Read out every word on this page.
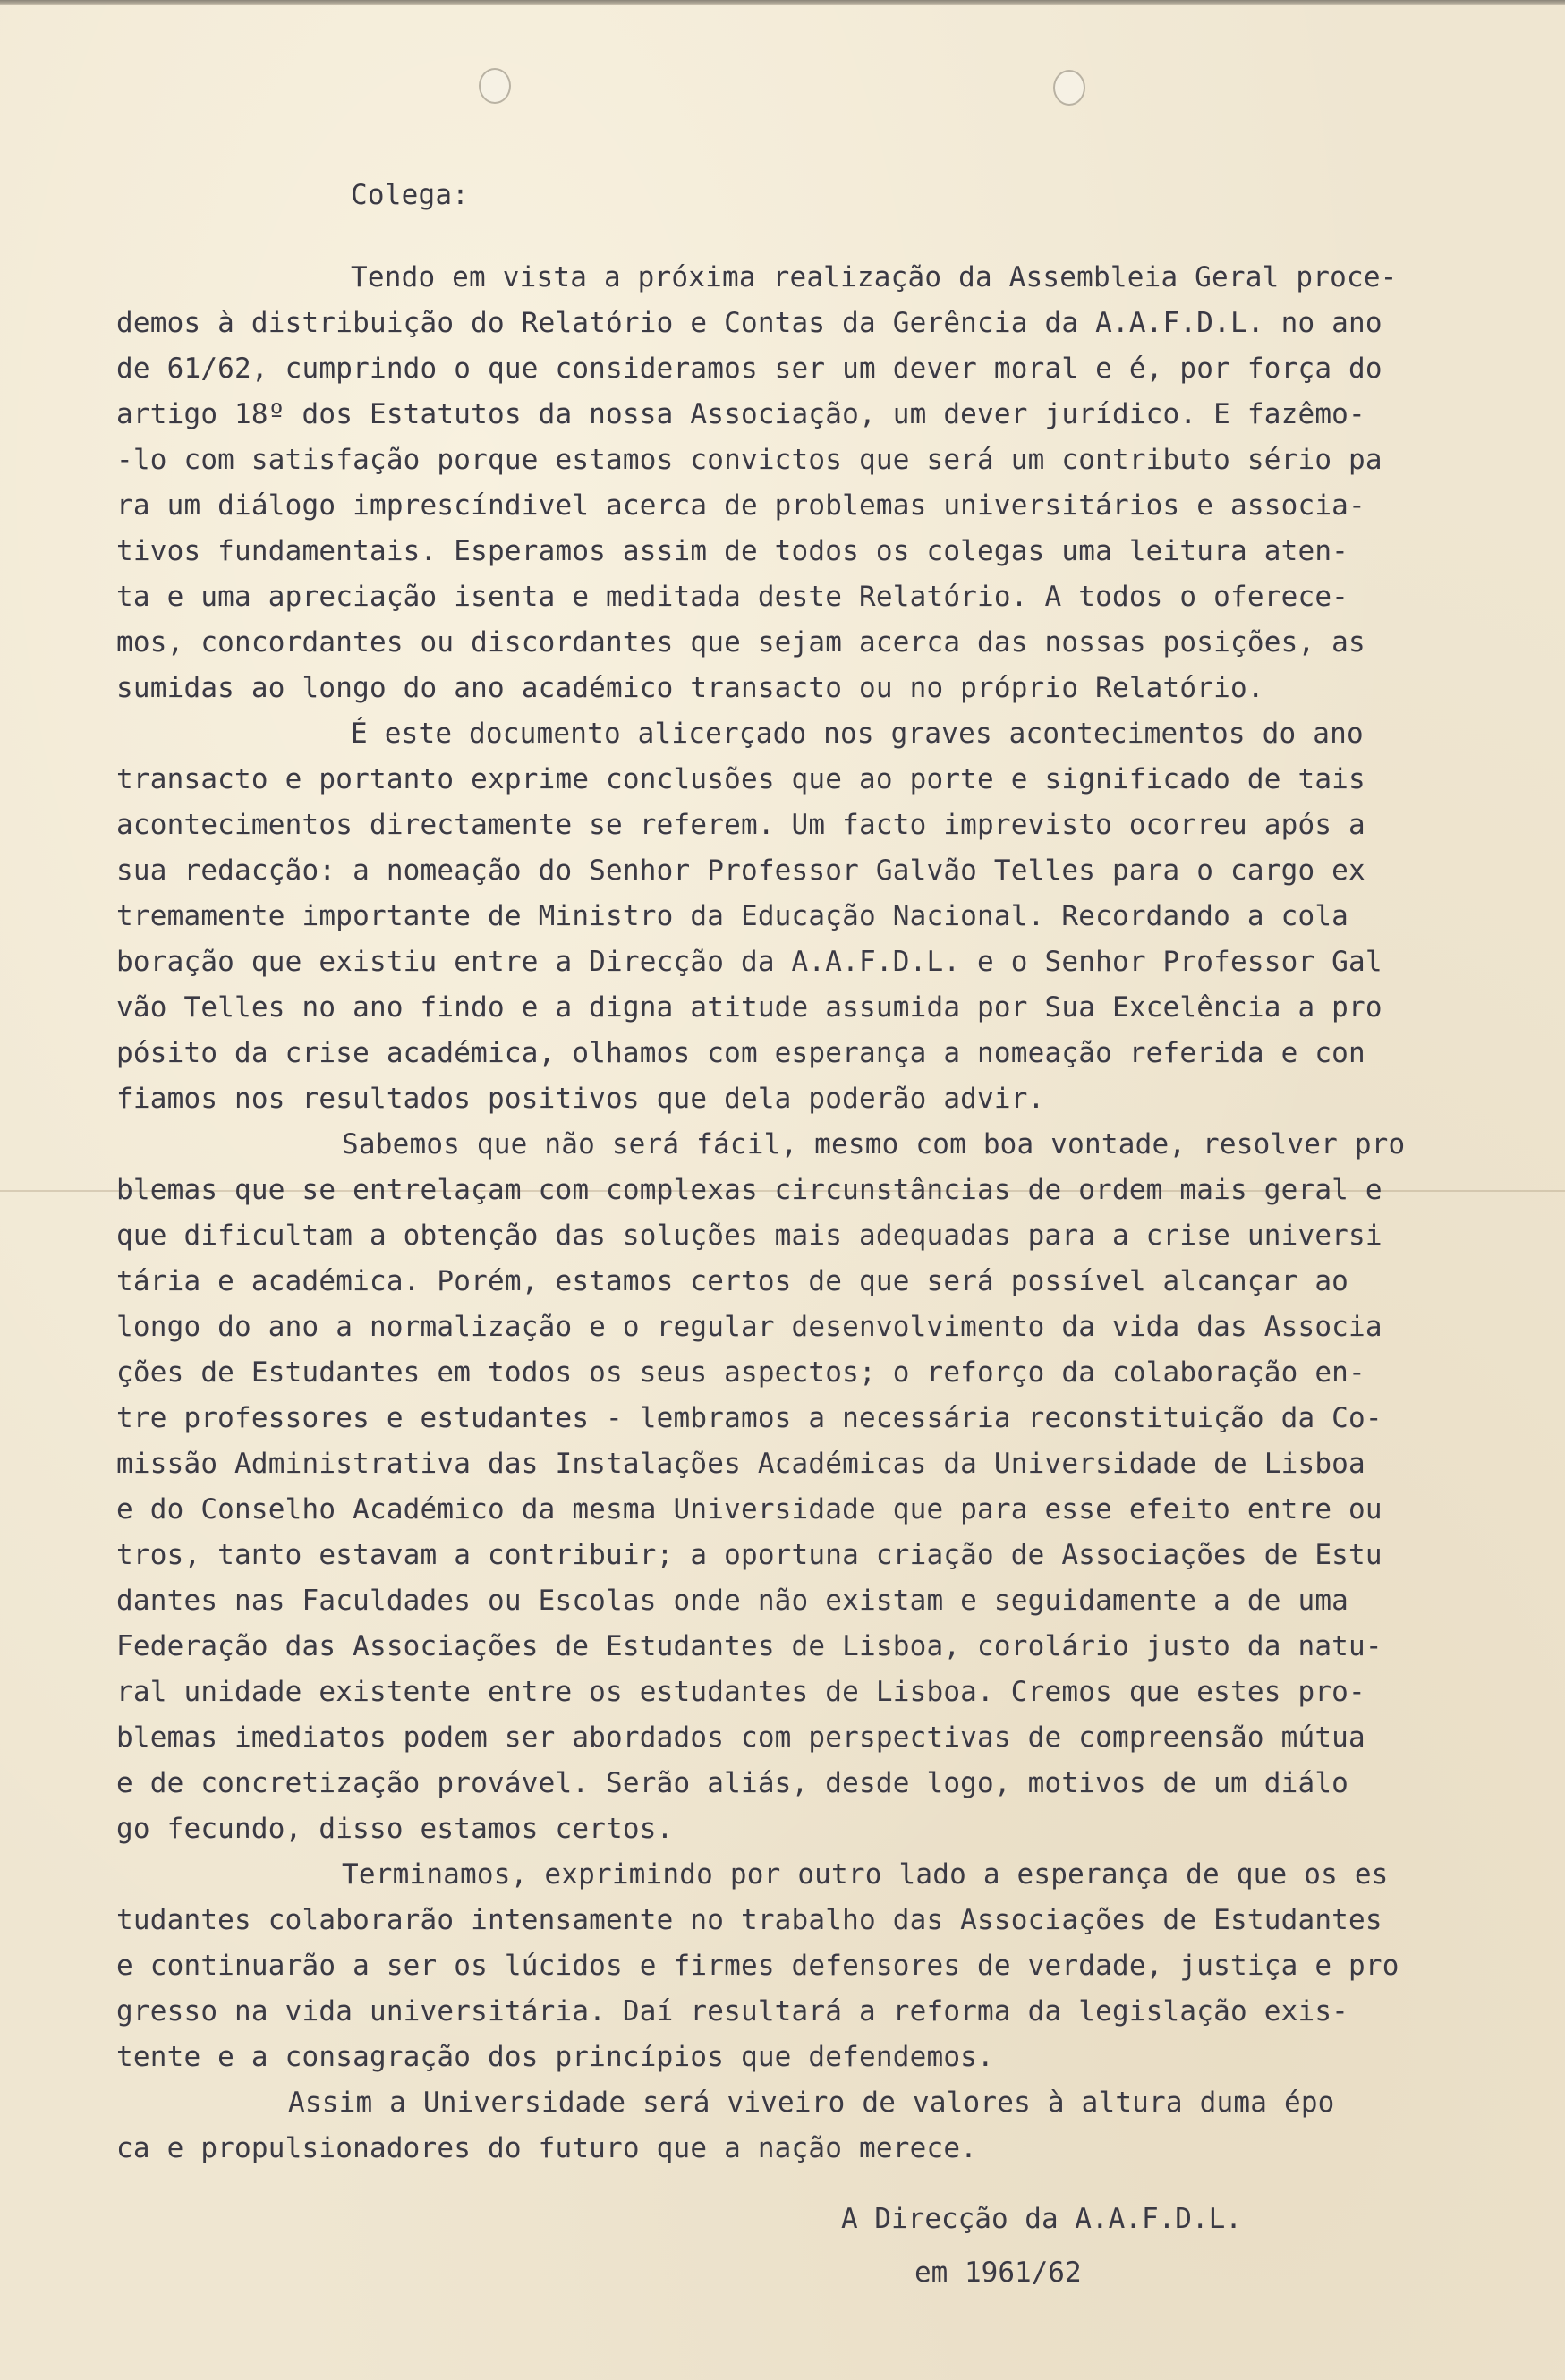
Colega:
Tendo em vista a próxima realização da Assembleia Geral proce-
demos à distribuição do Relatório e Contas da Gerência da A.A.F.D.L. no ano
de 61/62, cumprindo o que consideramos ser um dever moral e é, por força do
artigo 18º dos Estatutos da nossa Associação, um dever jurídico. E fazêmo-
-lo com satisfação porque estamos convictos que será um contributo sério pa
ra um diálogo imprescíndivel acerca de problemas universitários e associa-
tivos fundamentais. Esperamos assim de todos os colegas uma leitura aten-
ta e uma apreciação isenta e meditada deste Relatório. A todos o oferece-
mos, concordantes ou discordantes que sejam acerca das nossas posições, as
sumidas ao longo do ano académico transacto ou no próprio Relatório.
É este documento alicerçado nos graves acontecimentos do ano
transacto e portanto exprime conclusões que ao porte e significado de tais
acontecimentos directamente se referem. Um facto imprevisto ocorreu após a
sua redacção: a nomeação do Senhor Professor Galvão Telles para o cargo ex
tremamente importante de Ministro da Educação Nacional. Recordando a cola
boração que existiu entre a Direcção da A.A.F.D.L. e o Senhor Professor Gal
vão Telles no ano findo e a digna atitude assumida por Sua Excelência a pro
pósito da crise académica, olhamos com esperança a nomeação referida e con
fiamos nos resultados positivos que dela poderão advir.
Sabemos que não será fácil, mesmo com boa vontade, resolver pro
blemas que se entrelaçam com complexas circunstâncias de ordem mais geral e
que dificultam a obtenção das soluções mais adequadas para a crise universi
tária e académica. Porém, estamos certos de que será possível alcançar ao
longo do ano a normalização e o regular desenvolvimento da vida das Associa
ções de Estudantes em todos os seus aspectos; o reforço da colaboração en-
tre professores e estudantes - lembramos a necessária reconstituição da Co-
missão Administrativa das Instalações Académicas da Universidade de Lisboa
e do Conselho Académico da mesma Universidade que para esse efeito entre ou
tros, tanto estavam a contribuir; a oportuna criação de Associações de Estu
dantes nas Faculdades ou Escolas onde não existam e seguidamente a de uma
Federação das Associações de Estudantes de Lisboa, corolário justo da natu-
ral unidade existente entre os estudantes de Lisboa. Cremos que estes pro-
blemas imediatos podem ser abordados com perspectivas de compreensão mútua
e de concretização provável. Serão aliás, desde logo, motivos de um diálo
go fecundo, disso estamos certos.
Terminamos, exprimindo por outro lado a esperança de que os es
tudantes colaborarão intensamente no trabalho das Associações de Estudantes
e continuarão a ser os lúcidos e firmes defensores de verdade, justiça e pro
gresso na vida universitária. Daí resultará a reforma da legislação exis-
tente e a consagração dos princípios que defendemos.
Assim a Universidade será viveiro de valores à altura duma épo
ca e propulsionadores do futuro que a nação merece.
A Direcção da A.A.F.D.L.
em 1961/62
